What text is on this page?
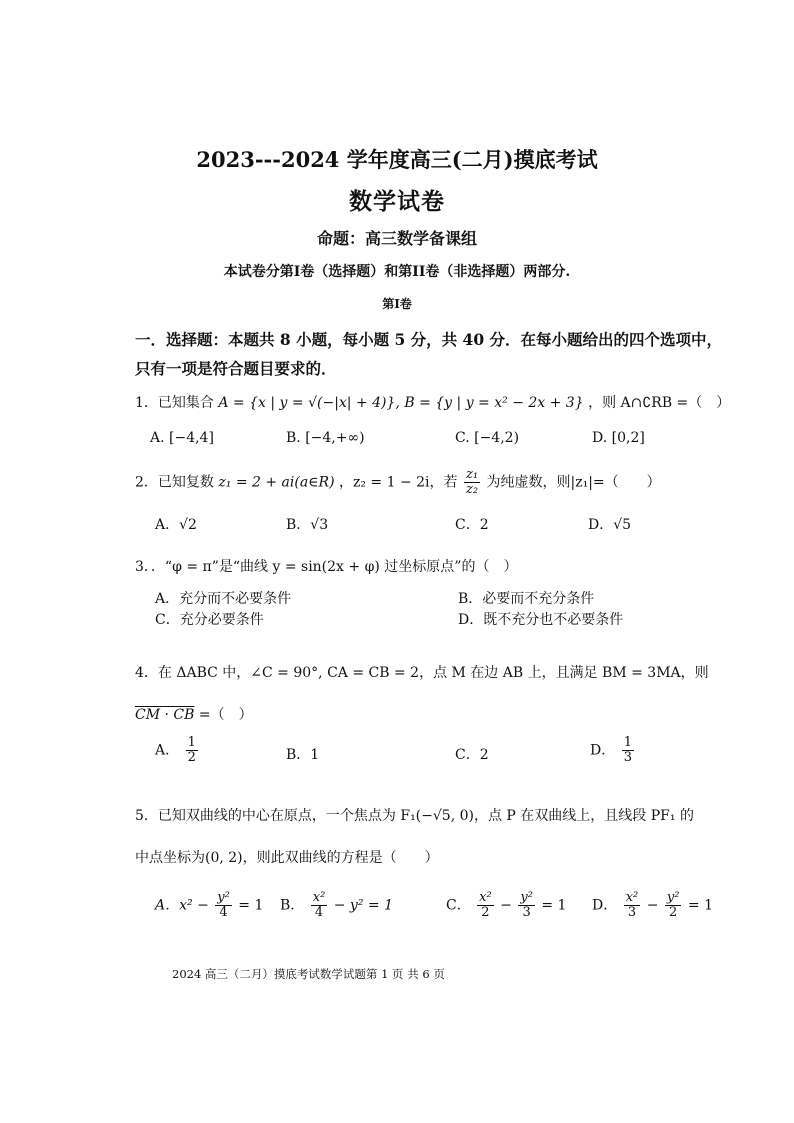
2023---2024 学年度高三(二月)摸底考试
数学试卷
命题：高三数学备课组
本试卷分第I卷（选择题）和第II卷（非选择题）两部分.
第I卷
一．选择题：本题共 8 小题，每小题 5 分，共 40 分．在每小题给出的四个选项中，
只有一项是符合题目要求的．
1．已知集合 A = {x | y = √(−|x| + 4)}, B = {y | y = x² − 2x + 3} ，则 A∩∁RB =（　）
A. [−4,4]	B. [−4,+∞)	C. [−4,2)	D. [0,2]
2．已知复数 z₁ = 2 + ai(a∈R) ，z₂ = 1 − 2i，若 $\frac{\text{z₁}}{\text{z₂}}$ 为纯虚数，则|z₁|=（　　）
A．√2	B．√3	C．2	D．√5
3．．“φ = π”是“曲线 y = sin(2x + φ) 过坐标原点”的（　）
A．充分而不必要条件	B．必要而不充分条件
C．充分必要条件	D．既不充分也不必要条件
4．在 ΔABC 中，∠C = 90°, CA = CB = 2，点 M 在边 AB 上，且满足 BM = 3MA，则
CM · CB =（　）
A． $\frac{1}{2}$	B．1	C．2	D． $\frac{1}{3}$
5．已知双曲线的中心在原点，一个焦点为 F₁(−√5, 0)，点 P 在双曲线上，且线段 PF₁ 的
中点坐标为(0, 2)，则此双曲线的方程是（　　）
A．$x^2 - \frac{\text{y²}}{4} = 1$ B． $\frac{\text{x²}}{4} - y^2 = 1$	C． $\frac{\text{x²}}{2} - \frac{\text{y²}}{3} = 1$ D． $\frac{\text{x²}}{3} - \frac{\text{y²}}{2} = 1$
2024 高三（二月）摸底考试数学试题第 1 页 共 6 页
